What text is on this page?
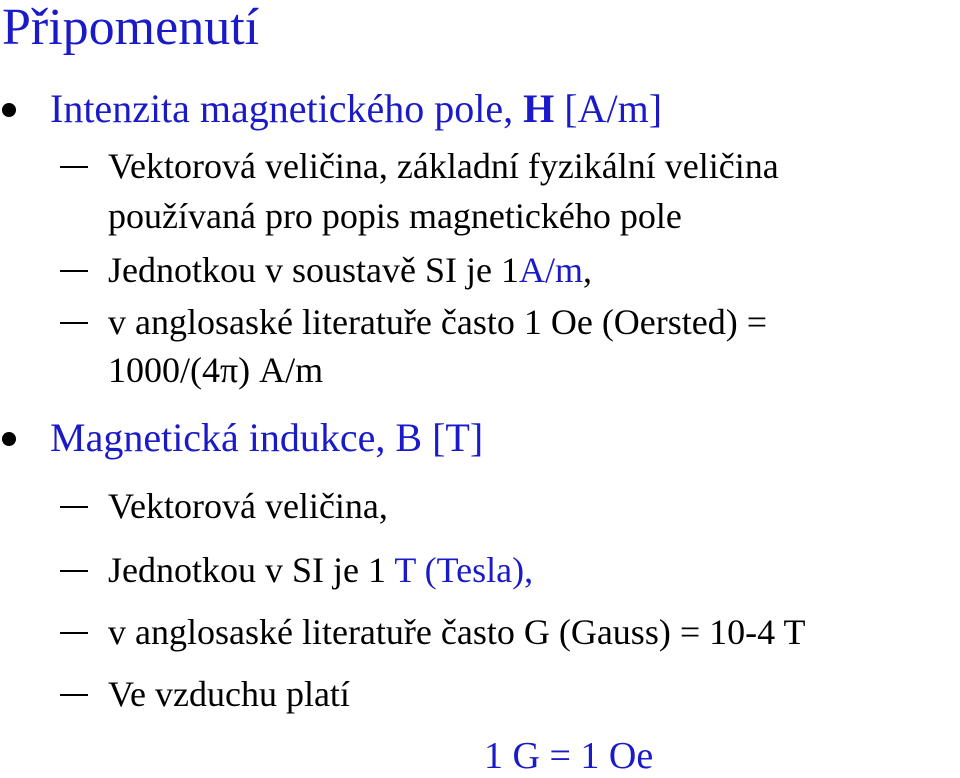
Připomenutí
Intenzita magnetického pole, H [A/m]
Vektorová veličina, základní fyzikální veličina
používaná pro popis magnetického pole
Jednotkou v soustavě SI je 1A/m,
v anglosaské literatuře často 1 Oe (Oersted) =
1000/(4π) A/m
Magnetická indukce, B [T]
Vektorová veličina,
Jednotkou v SI je 1 T (Tesla),
v anglosaské literatuře často G (Gauss) = 10-4 T
Ve vzduchu platí
1 G = 1 Oe
